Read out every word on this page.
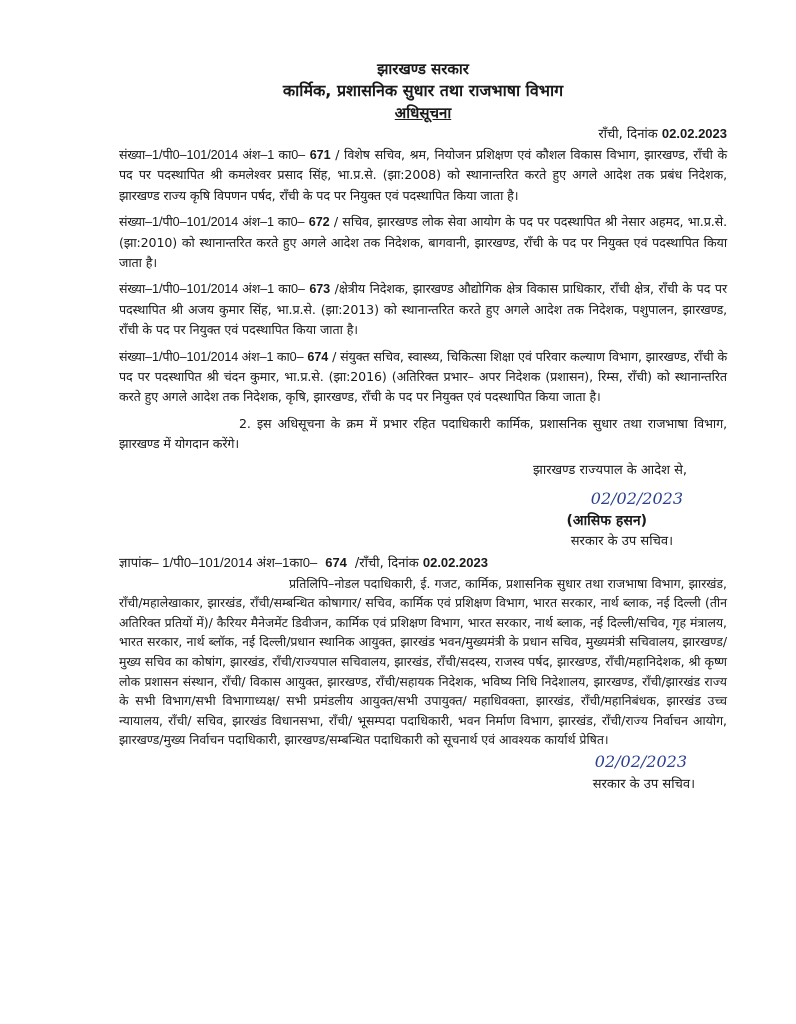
झारखण्ड सरकार

कार्मिक, प्रशासनिक सुधार तथा राजभाषा विभाग

अधिसूचना

राँची, दिनांक 02.02.2023

संख्या–1/पी0–101/2014 अंश–1 का0– 671 / विशेष सचिव, श्रम, नियोजन प्रशिक्षण एवं कौशल विकास विभाग, झारखण्ड, राँची के पद पर पदस्थापित श्री कमलेश्वर प्रसाद सिंह, भा.प्र.से. (झा:2008) को स्थानान्तरित करते हुए अगले आदेश तक प्रबंध निदेशक, झारखण्ड राज्य कृषि विपणन पर्षद, राँची के पद पर नियुक्त एवं पदस्थापित किया जाता है।

संख्या–1/पी0–101/2014 अंश–1 का0– 672 / सचिव, झारखण्ड लोक सेवा आयोग के पद पर पदस्थापित श्री नेसार अहमद, भा.प्र.से. (झा:2010) को स्थानान्तरित करते हुए अगले आदेश तक निदेशक, बागवानी, झारखण्ड, राँची के पद पर नियुक्त एवं पदस्थापित किया जाता है।

संख्या–1/पी0–101/2014 अंश–1 का0– 673 /क्षेत्रीय निदेशक, झारखण्ड औद्योगिक क्षेत्र विकास प्राधिकार, राँची क्षेत्र, राँची के पद पर पदस्थापित श्री अजय कुमार सिंह, भा.प्र.से. (झा:2013) को स्थानान्तरित करते हुए अगले आदेश तक निदेशक, पशुपालन, झारखण्ड, राँची के पद पर नियुक्त एवं पदस्थापित किया जाता है।

संख्या–1/पी0–101/2014 अंश–1 का0– 674 / संयुक्त सचिव, स्वास्थ्य, चिकित्सा शिक्षा एवं परिवार कल्याण विभाग, झारखण्ड, राँची के पद पर पदस्थापित श्री चंदन कुमार, भा.प्र.से. (झा:2016) (अतिरिक्त प्रभार– अपर निदेशक (प्रशासन), रिम्स, राँची) को स्थानान्तरित करते हुए अगले आदेश तक निदेशक, कृषि, झारखण्ड, राँची के पद पर नियुक्त एवं पदस्थापित किया जाता है।

2. इस अधिसूचना के क्रम में प्रभार रहित पदाधिकारी कार्मिक, प्रशासनिक सुधार तथा राजभाषा विभाग, झारखण्ड में योगदान करेंगे।

झारखण्ड राज्यपाल के आदेश से,

02/02/2023
(आसिफ हसन)
सरकार के उप सचिव।

ज्ञापांक– 1/पी0–101/2014 अंश–1का0– 674 /राँची, दिनांक 02.02.2023

प्रतिलिपि–नोडल पदाधिकारी, ई. गजट, कार्मिक, प्रशासनिक सुधार तथा राजभाषा विभाग, झारखंड, राँची/महालेखाकार, झारखंड, राँची/सम्बन्धित कोषागार/ सचिव, कार्मिक एवं प्रशिक्षण विभाग, भारत सरकार, नार्थ ब्लाक, नई दिल्ली (तीन अतिरिक्त प्रतियों में)/ कैरियर मैनेजमेंट डिवीजन, कार्मिक एवं प्रशिक्षण विभाग, भारत सरकार, नार्थ ब्लाक, नई दिल्ली/सचिव, गृह मंत्रालय, भारत सरकार, नार्थ ब्लॉक, नई दिल्ली/प्रधान स्थानिक आयुक्त, झारखंड भवन/मुख्यमंत्री के प्रधान सचिव, मुख्यमंत्री सचिवालय, झारखण्ड/मुख्य सचिव का कोषांग, झारखंड, राँची/राज्यपाल सचिवालय, झारखंड, राँची/सदस्य, राजस्व पर्षद, झारखण्ड, राँची/महानिदेशक, श्री कृष्ण लोक प्रशासन संस्थान, राँची/ विकास आयुक्त, झारखण्ड, राँची/सहायक निदेशक, भविष्य निधि निदेशालय, झारखण्ड, राँची/झारखंड राज्य के सभी विभाग/सभी विभागाध्यक्ष/ सभी प्रमंडलीय आयुक्त/सभी उपायुक्त/ महाधिवक्ता, झारखंड, राँची/महानिबंधक, झारखंड उच्च न्यायालय, राँची/ सचिव, झारखंड विधानसभा, राँची/ भूसम्पदा पदाधिकारी, भवन निर्माण विभाग, झारखंड, राँची/राज्य निर्वाचन आयोग, झारखण्ड/मुख्य निर्वाचन पदाधिकारी, झारखण्ड/सम्बन्धित पदाधिकारी को सूचनार्थ एवं आवश्यक कार्यार्थ प्रेषित।

02/02/2023
सरकार के उप सचिव।
